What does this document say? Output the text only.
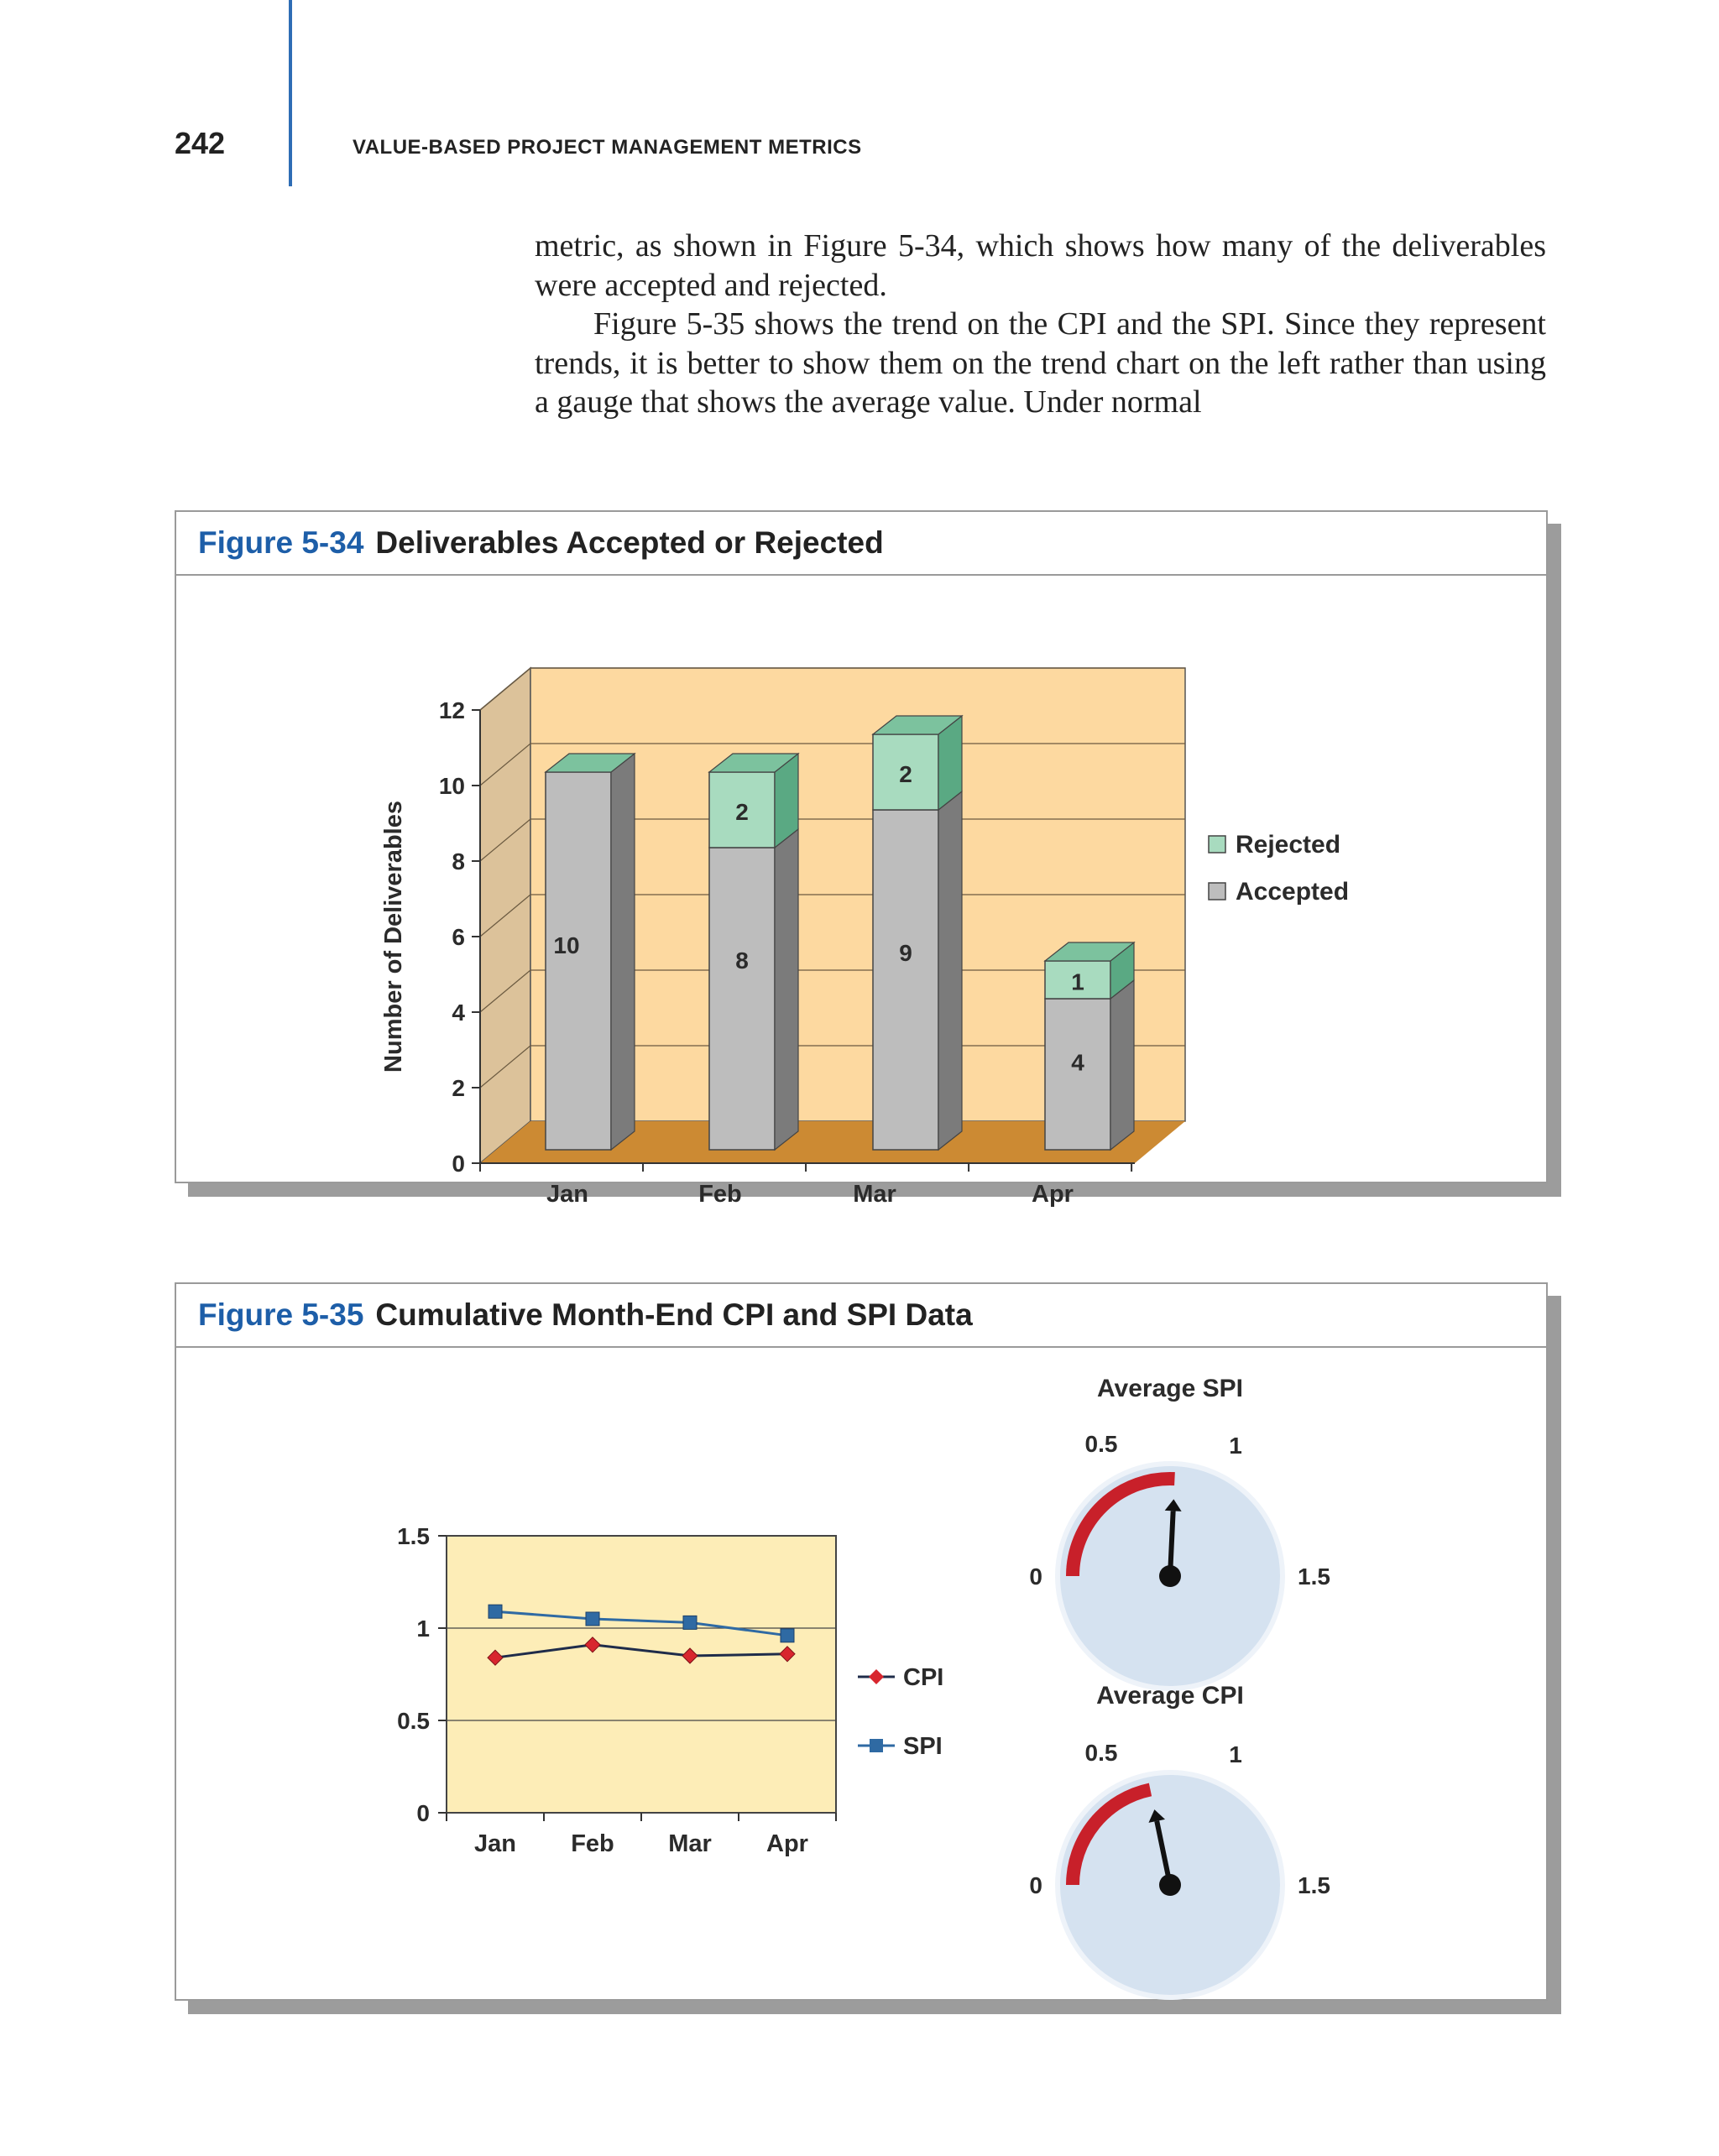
242	VALUE-BASED PROJECT MANAGEMENT METRICS

metric, as shown in Figure 5-34, which shows how many of the deliverables were accepted and rejected.

Figure 5-35 shows the trend on the CPI and the SPI. Since they represent trends, it is better to show them on the trend chart on the left rather than using a gauge that shows the average value. Under normal

Figure 5-34 Deliverables Accepted or Rejected
0
2
4
6
8
10
12
Number of Deliverables	10
8
2
9
2
4
1
Jan	Feb	Mar	Apr
Rejected
Accepted
Figure 5-35 Cumulative Month-End CPI and SPI Data
0
0.5
1
1.5
Jan Feb Mar Apr
CPI
SPI
Average SPI
0
0.5	1
1.5
Average CPI
0
0.5	1
1.5
